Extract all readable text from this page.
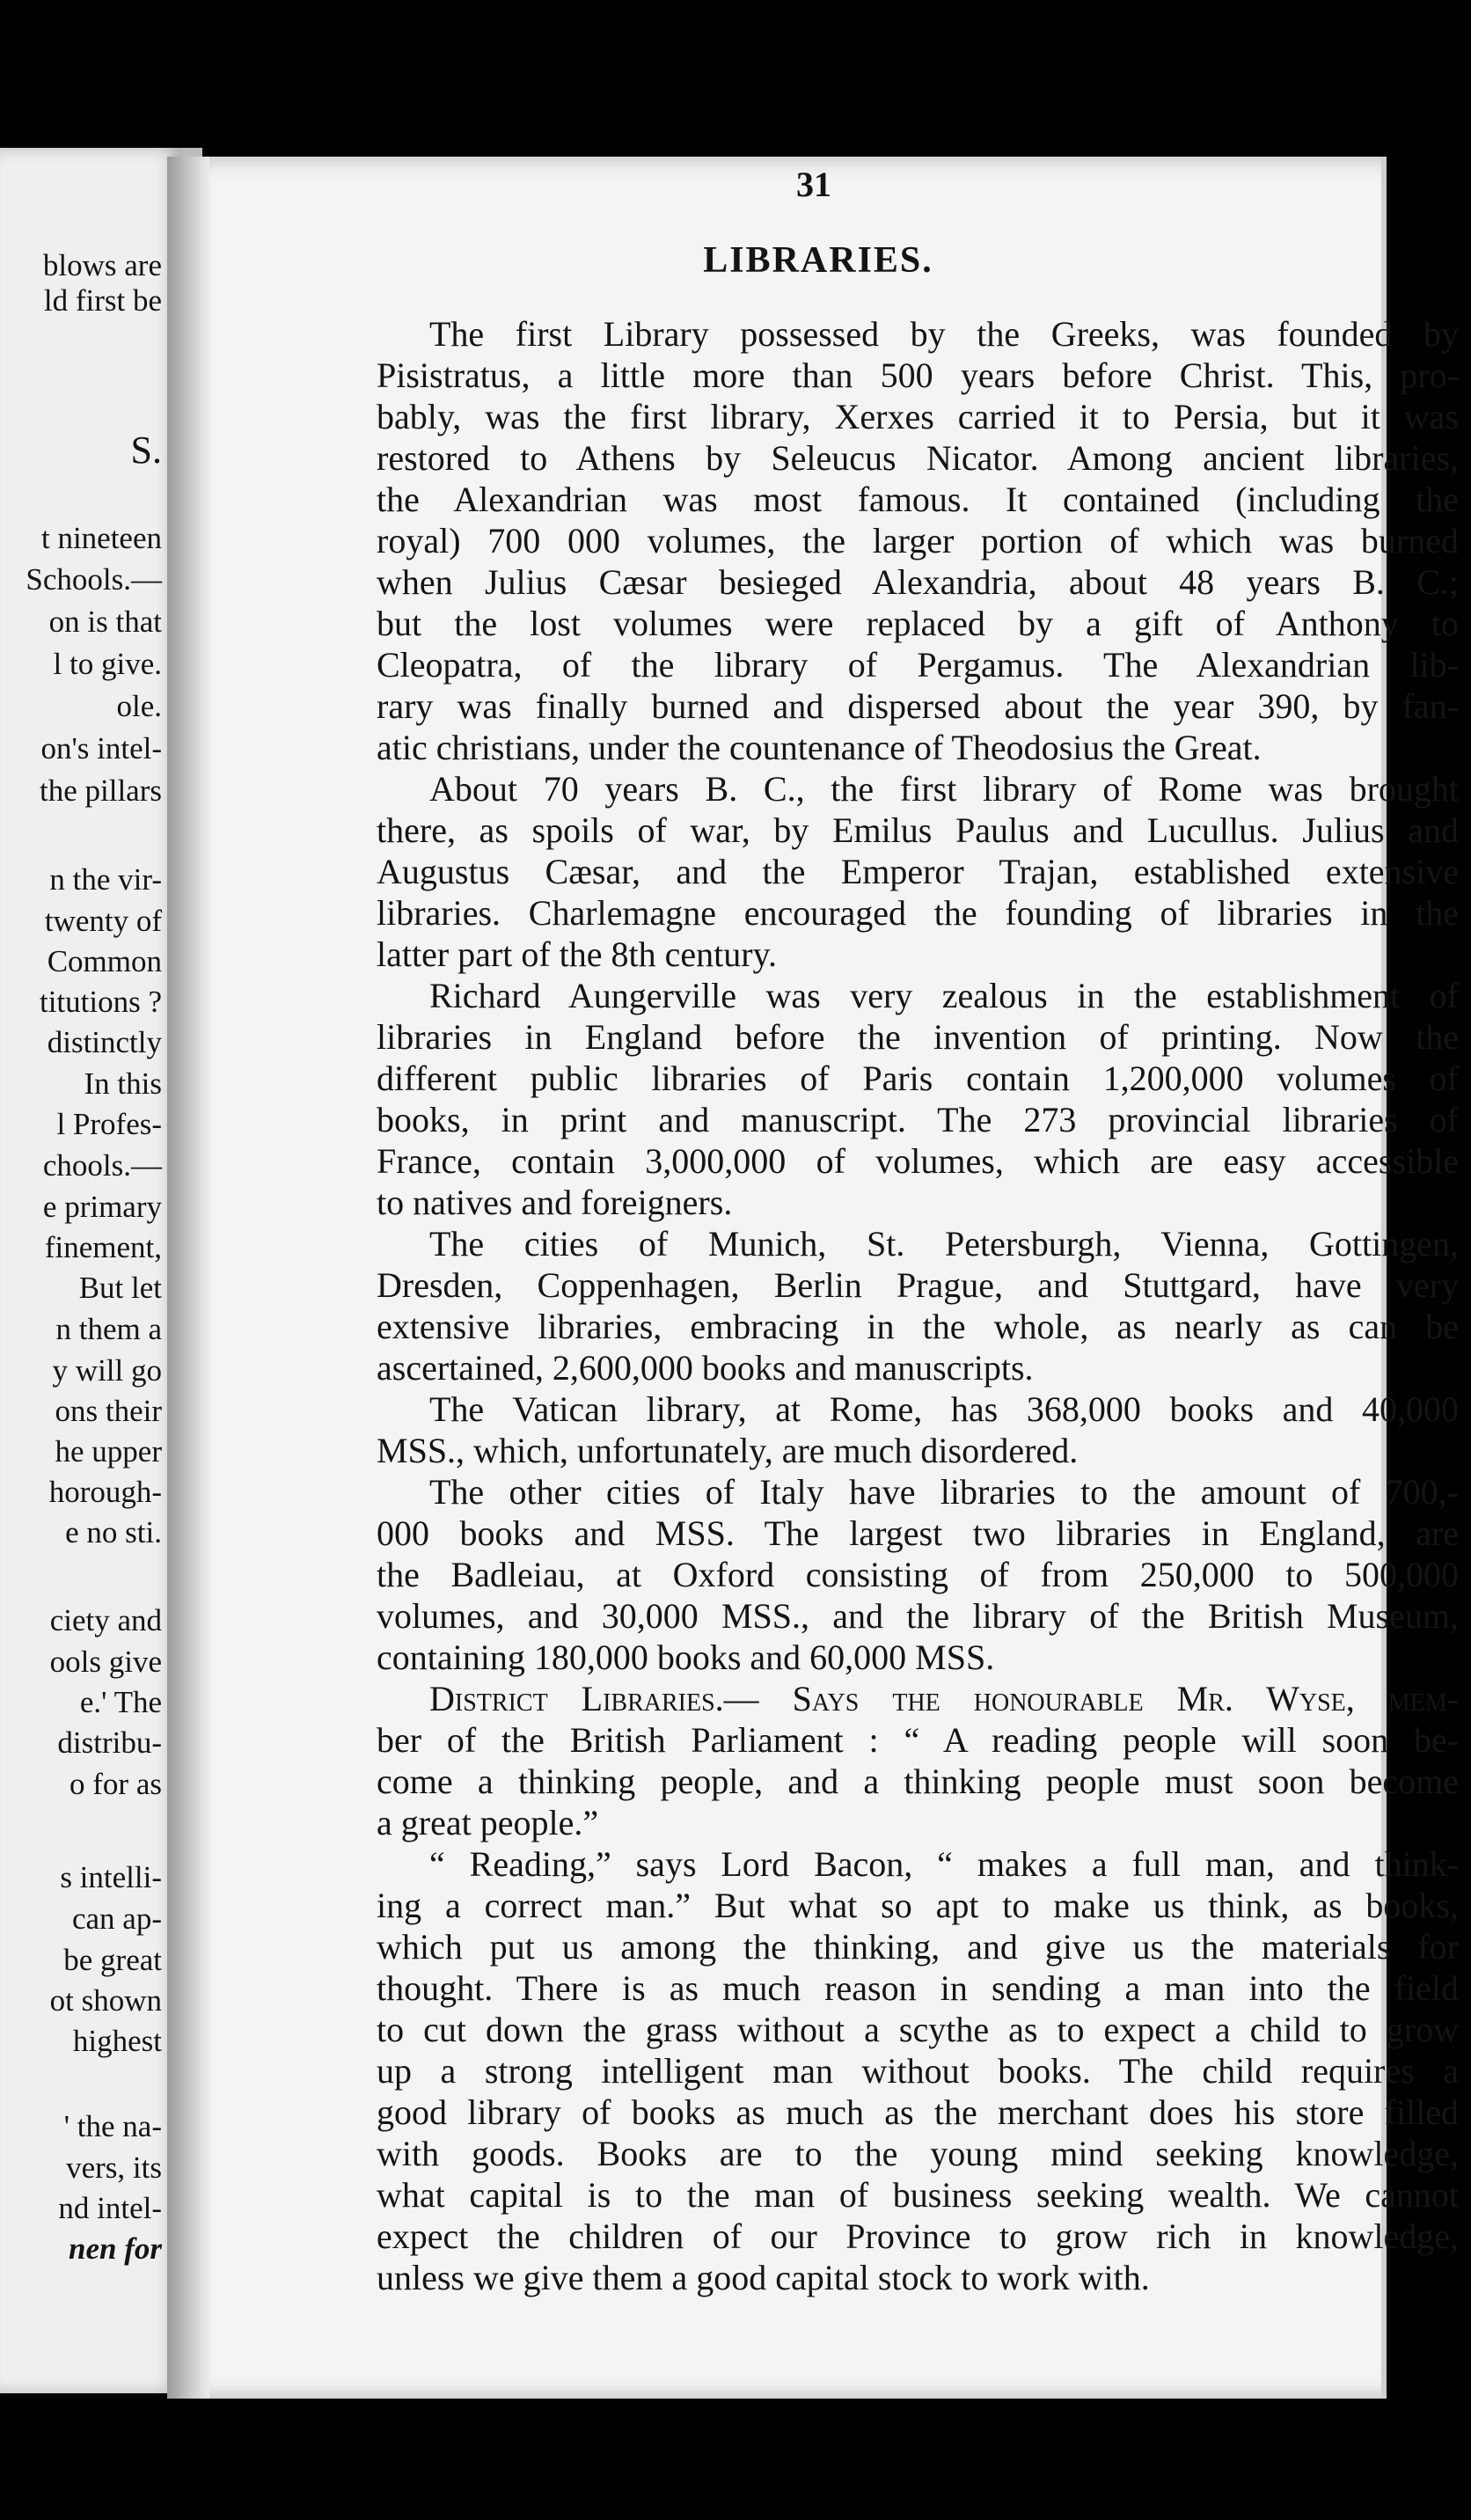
blows are
ld first be
S.
t nineteen
Schools.—
on is that
l to give.
ole.
on's intel-
the pillars
n the vir-
twenty of
Common
titutions ?
distinctly
In this
l Profes-
chools.—
e primary
finement,
But let
n them a
y will go
ons their
he upper
horough-
e no sti.
ciety and
ools give
e.' The
distribu-
o for as
s intelli-
can ap-
be great
ot shown
highest
' the na-
vers, its
nd intel-
nen for
31
LIBRARIES.
The first Library possessed by the Greeks, was founded by
Pisistratus, a little more than 500 years before Christ. This, pro-
bably, was the first library, Xerxes carried it to Persia, but it was
restored to Athens by Seleucus Nicator. Among ancient libraries,
the Alexandrian was most famous. It contained (including the
royal) 700 000 volumes, the larger portion of which was burned
when Julius Cæsar besieged Alexandria, about 48 years B. C.;
but the lost volumes were replaced by a gift of Anthony to
Cleopatra, of the library of Pergamus. The Alexandrian lib-
rary was finally burned and dispersed about the year 390, by fan-
atic christians, under the countenance of Theodosius the Great.
About 70 years B. C., the first library of Rome was brought
there, as spoils of war, by Emilus Paulus and Lucullus. Julius and
Augustus Cæsar, and the Emperor Trajan, established extensive
libraries. Charlemagne encouraged the founding of libraries in the
latter part of the 8th century.
Richard Aungerville was very zealous in the establishment of
libraries in England before the invention of printing. Now the
different public libraries of Paris contain 1,200,000 volumes of
books, in print and manuscript. The 273 provincial libraries of
France, contain 3,000,000 of volumes, which are easy accessible
to natives and foreigners.
The cities of Munich, St. Petersburgh, Vienna, Gottingen,
Dresden, Coppenhagen, Berlin Prague, and Stuttgard, have very
extensive libraries, embracing in the whole, as nearly as can be
ascertained, 2,600,000 books and manuscripts.
The Vatican library, at Rome, has 368,000 books and 40,000
MSS., which, unfortunately, are much disordered.
The other cities of Italy have libraries to the amount of 700,-
000 books and MSS. The largest two libraries in England, are
the Badleiau, at Oxford consisting of from 250,000 to 500,000
volumes, and 30,000 MSS., and the library of the British Museum,
containing 180,000 books and 60,000 MSS.
District Libraries.— Says the honourable Mr. Wyse, mem-
ber of the British Parliament : “ A reading people will soon be-
come a thinking people, and a thinking people must soon become
a great people.”
“ Reading,” says Lord Bacon, “ makes a full man, and think-
ing a correct man.” But what so apt to make us think, as books,
which put us among the thinking, and give us the materials for
thought. There is as much reason in sending a man into the field
to cut down the grass without a scythe as to expect a child to grow
up a strong intelligent man without books. The child requires a
good library of books as much as the merchant does his store filled
with goods. Books are to the young mind seeking knowledge,
what capital is to the man of business seeking wealth. We cannot
expect the children of our Province to grow rich in knowledge,
unless we give them a good capital stock to work with.
